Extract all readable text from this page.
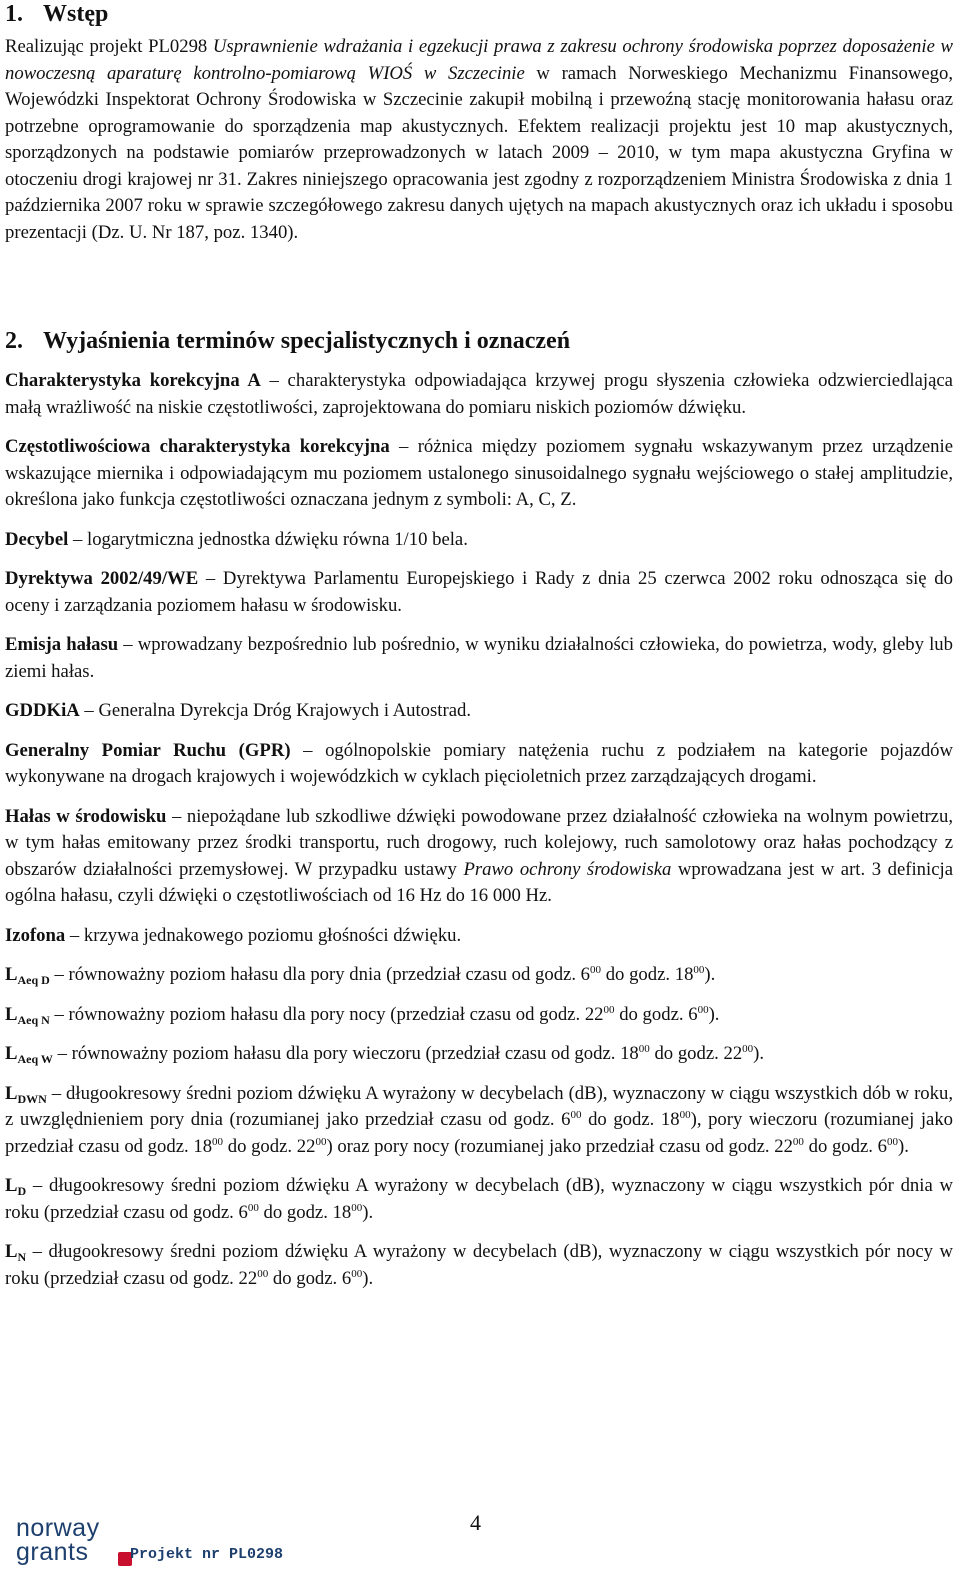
1. Wstęp

Realizując projekt PL0298 Usprawnienie wdrażania i egzekucji prawa z zakresu ochrony środowiska poprzez doposażenie w nowoczesną aparaturę kontrolno-pomiarową WIOŚ w Szczecinie w ramach Norweskiego Mechanizmu Finansowego, Wojewódzki Inspektorat Ochrony Środowiska w Szczecinie zakupił mobilną i przewoźną stację monitorowania hałasu oraz potrzebne oprogramowanie do sporządzenia map akustycznych. Efektem realizacji projektu jest 10 map akustycznych, sporządzonych na podstawie pomiarów przeprowadzonych w latach 2009 – 2010, w tym mapa akustyczna Gryfina w otoczeniu drogi krajowej nr 31. Zakres niniejszego opracowania jest zgodny z rozporządzeniem Ministra Środowiska z dnia 1 października 2007 roku w sprawie szczegółowego zakresu danych ujętych na mapach akustycznych oraz ich układu i sposobu prezentacji (Dz. U. Nr 187, poz. 1340).

2. Wyjaśnienia terminów specjalistycznych i oznaczeń

Charakterystyka korekcyjna A – charakterystyka odpowiadająca krzywej progu słyszenia człowieka odzwierciedlająca małą wrażliwość na niskie częstotliwości, zaprojektowana do pomiaru niskich poziomów dźwięku.

Częstotliwościowa charakterystyka korekcyjna – różnica między poziomem sygnału wskazywanym przez urządzenie wskazujące miernika i odpowiadającym mu poziomem ustalonego sinusoidalnego sygnału wejściowego o stałej amplitudzie, określona jako funkcja częstotliwości oznaczana jednym z symboli: A, C, Z.

Decybel – logarytmiczna jednostka dźwięku równa 1/10 bela.

Dyrektywa 2002/49/WE – Dyrektywa Parlamentu Europejskiego i Rady z dnia 25 czerwca 2002 roku odnosząca się do oceny i zarządzania poziomem hałasu w środowisku.

Emisja hałasu – wprowadzany bezpośrednio lub pośrednio, w wyniku działalności człowieka, do powietrza, wody, gleby lub ziemi hałas.

GDDKiA – Generalna Dyrekcja Dróg Krajowych i Autostrad.

Generalny Pomiar Ruchu (GPR) – ogólnopolskie pomiary natężenia ruchu z podziałem na kategorie pojazdów wykonywane na drogach krajowych i wojewódzkich w cyklach pięcioletnich przez zarządzających drogami.

Hałas w środowisku – niepożądane lub szkodliwe dźwięki powodowane przez działalność człowieka na wolnym powietrzu, w tym hałas emitowany przez środki transportu, ruch drogowy, ruch kolejowy, ruch samolotowy oraz hałas pochodzący z obszarów działalności przemysłowej. W przypadku ustawy Prawo ochrony środowiska wprowadzana jest w art. 3 definicja ogólna hałasu, czyli dźwięki o częstotliwościach od 16 Hz do 16 000 Hz.

Izofona – krzywa jednakowego poziomu głośności dźwięku.

$L_{Aeq D}$ – równoważny poziom hałasu dla pory dnia (przedział czasu od godz. $6^{00}$ do godz. $18^{00}$).

$L_{Aeq N}$ – równoważny poziom hałasu dla pory nocy (przedział czasu od godz. $22^{00}$ do godz. $6^{00}$).

$L_{Aeq W}$ – równoważny poziom hałasu dla pory wieczoru (przedział czasu od godz. $18^{00}$ do godz. $22^{00}$).

$L_{DWN}$ – długookresowy średni poziom dźwięku A wyrażony w decybelach (dB), wyznaczony w ciągu wszystkich dób w roku, z uwzględnieniem pory dnia (rozumianej jako przedział czasu od godz. $6^{00}$ do godz. $18^{00}$), pory wieczoru (rozumianej jako przedział czasu od godz. $18^{00}$ do godz. $22^{00}$) oraz pory nocy (rozumianej jako przedział czasu od godz. $22^{00}$ do godz. $6^{00}$).

$L_D$ – długookresowy średni poziom dźwięku A wyrażony w decybelach (dB), wyznaczony w ciągu wszystkich pór dnia w roku (przedział czasu od godz. $6^{00}$ do godz. $18^{00}$).

$L_N$ – długookresowy średni poziom dźwięku A wyrażony w decybelach (dB), wyznaczony w ciągu wszystkich pór nocy w roku (przedział czasu od godz. $22^{00}$ do godz. $6^{00}$).

norway
grants	Projekt nr PL0298
4
